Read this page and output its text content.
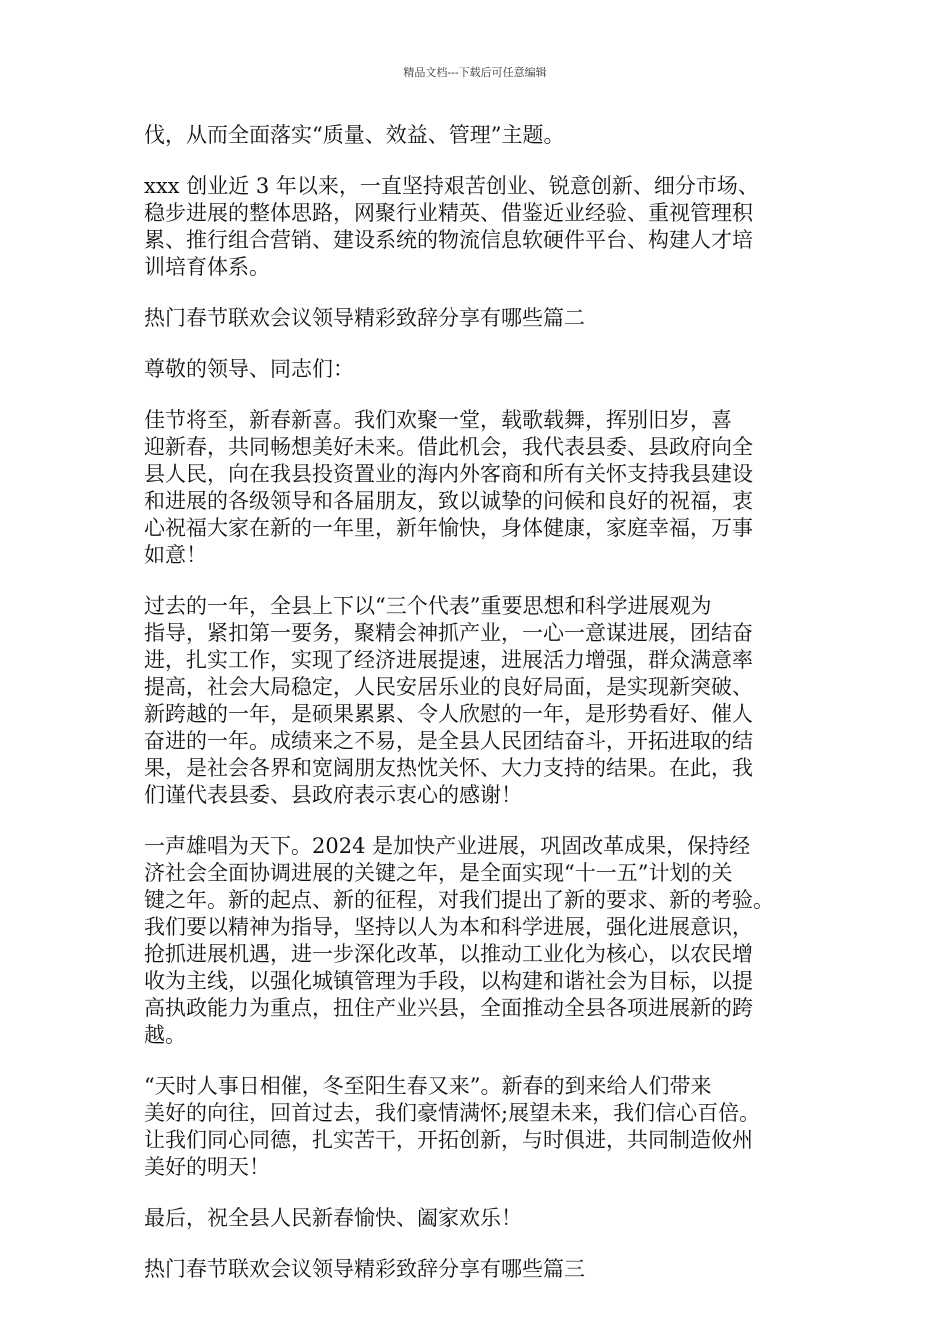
精品文档---下载后可任意编辑
伐，从而全面落实“质量、效益、管理”主题。
xxx 创业近 3 年以来，一直坚持艰苦创业、锐意创新、细分市场、
稳步进展的整体思路，网聚行业精英、借鉴近业经验、重视管理积
累、推行组合营销、建设系统的物流信息软硬件平台、构建人才培
训培育体系。
热门春节联欢会议领导精彩致辞分享有哪些篇二
尊敬的领导、同志们：
佳节将至，新春新喜。我们欢聚一堂，载歌载舞，挥别旧岁，喜
迎新春，共同畅想美好未来。借此机会，我代表县委、县政府向全
县人民，向在我县投资置业的海内外客商和所有关怀支持我县建设
和进展的各级领导和各届朋友，致以诚挚的问候和良好的祝福，衷
心祝福大家在新的一年里，新年愉快，身体健康，家庭幸福，万事
如意！
过去的一年，全县上下以“三个代表”重要思想和科学进展观为
指导，紧扣第一要务，聚精会神抓产业，一心一意谋进展，团结奋
进，扎实工作，实现了经济进展提速，进展活力增强，群众满意率
提高，社会大局稳定，人民安居乐业的良好局面，是实现新突破、
新跨越的一年，是硕果累累、令人欣慰的一年，是形势看好、催人
奋进的一年。成绩来之不易，是全县人民团结奋斗，开拓进取的结
果，是社会各界和宽阔朋友热忱关怀、大力支持的结果。在此，我
们谨代表县委、县政府表示衷心的感谢！
一声雄唱为天下。2024 是加快产业进展，巩固改革成果，保持经
济社会全面协调进展的关键之年，是全面实现“十一五”计划的关
键之年。新的起点、新的征程，对我们提出了新的要求、新的考验。
我们要以精神为指导，坚持以人为本和科学进展，强化进展意识，
抢抓进展机遇，进一步深化改革，以推动工业化为核心，以农民增
收为主线，以强化城镇管理为手段，以构建和谐社会为目标，以提
高执政能力为重点，扭住产业兴县，全面推动全县各项进展新的跨
越。
“天时人事日相催，冬至阳生春又来”。新春的到来给人们带来
美好的向往，回首过去，我们豪情满怀;展望未来，我们信心百倍。
让我们同心同德，扎实苦干，开拓创新，与时俱进，共同制造攸州
美好的明天！
最后，祝全县人民新春愉快、阖家欢乐！
热门春节联欢会议领导精彩致辞分享有哪些篇三
